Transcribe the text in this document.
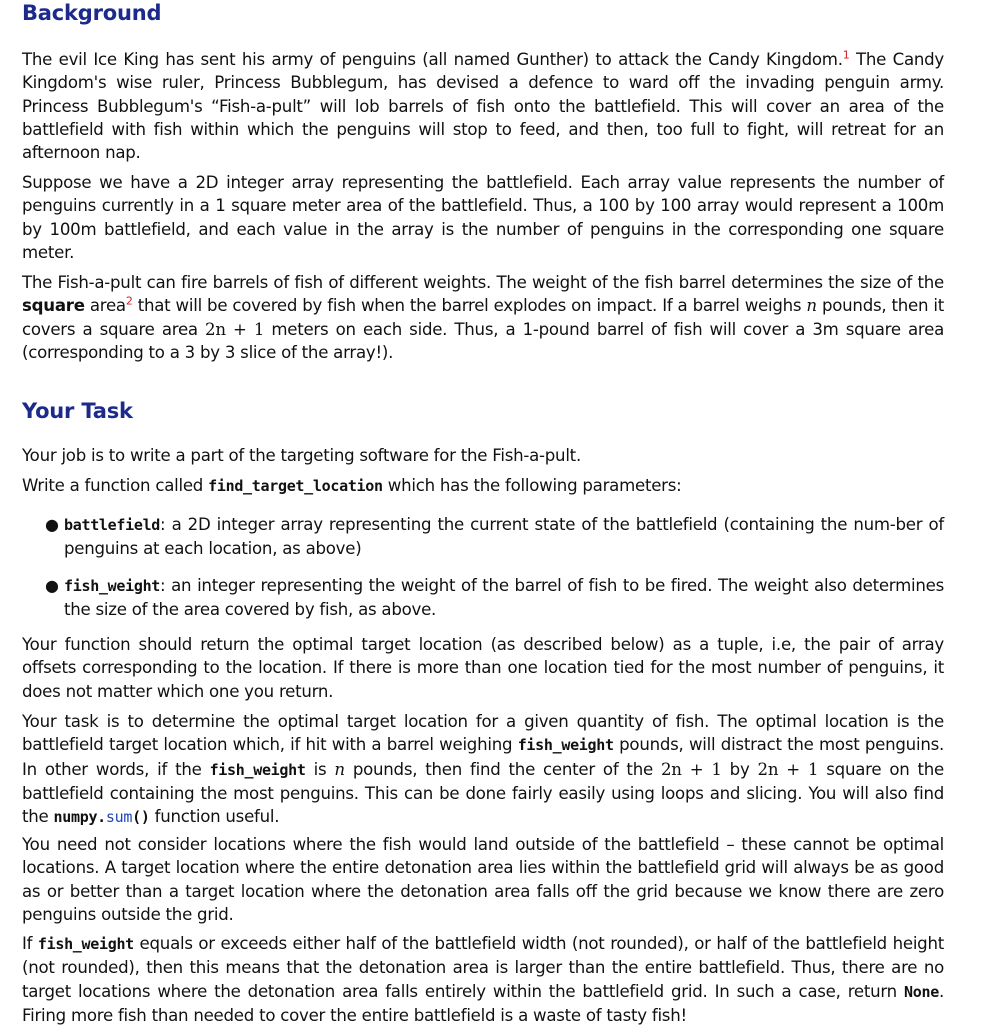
Background

The evil Ice King has sent his army of penguins (all named Gunther) to attack the Candy Kingdom.$^1$ The Candy Kingdom's wise ruler, Princess Bubblegum, has devised a defence to ward off the invading penguin army. Princess Bubblegum's “Fish-a-pult” will lob barrels of fish onto the battlefield. This will cover an area of the battlefield with fish within which the penguins will stop to feed, and then, too full to fight, will retreat for an afternoon nap.

Suppose we have a 2D integer array representing the battlefield. Each array value represents the number of penguins currently in a 1 square meter area of the battlefield. Thus, a 100 by 100 array would represent a 100m by 100m battlefield, and each value in the array is the number of penguins in the corresponding one square meter.

The Fish-a-pult can fire barrels of fish of different weights. The weight of the fish barrel determines the size of the square area$^2$ that will be covered by fish when the barrel explodes on impact. If a barrel weighs n pounds, then it covers a square area 2n + 1 meters on each side. Thus, a 1-pound barrel of fish will cover a 3m square area (corresponding to a 3 by 3 slice of the array!).

Your Task

Your job is to write a part of the targeting software for the Fish-a-pult.

Write a function called find_target_location which has the following parameters:

● battlefield: a 2D integer array representing the current state of the battlefield (containing the num-ber of penguins at each location, as above)
● fish_weight: an integer representing the weight of the barrel of fish to be fired. The weight also determines the size of the area covered by fish, as above.

Your function should return the optimal target location (as described below) as a tuple, i.e, the pair of array offsets corresponding to the location. If there is more than one location tied for the most number of penguins, it does not matter which one you return.

Your task is to determine the optimal target location for a given quantity of fish. The optimal location is the battlefield target location which, if hit with a barrel weighing fish_weight pounds, will distract the most penguins. In other words, if the fish_weight is n pounds, then find the center of the 2n + 1 by 2n + 1 square on the battlefield containing the most penguins. This can be done fairly easily using loops and slicing. You will also find the numpy.sum() function useful.

You need not consider locations where the fish would land outside of the battlefield – these cannot be optimal locations. A target location where the entire detonation area lies within the battlefield grid will always be as good as or better than a target location where the detonation area falls off the grid because we know there are zero penguins outside the grid.

If fish_weight equals or exceeds either half of the battlefield width (not rounded), or half of the battlefield height (not rounded), then this means that the detonation area is larger than the entire battlefield. Thus, there are no target locations where the detonation area falls entirely within the battlefield grid. In such a case, return None. Firing more fish than needed to cover the entire battlefield is a waste of tasty fish!
